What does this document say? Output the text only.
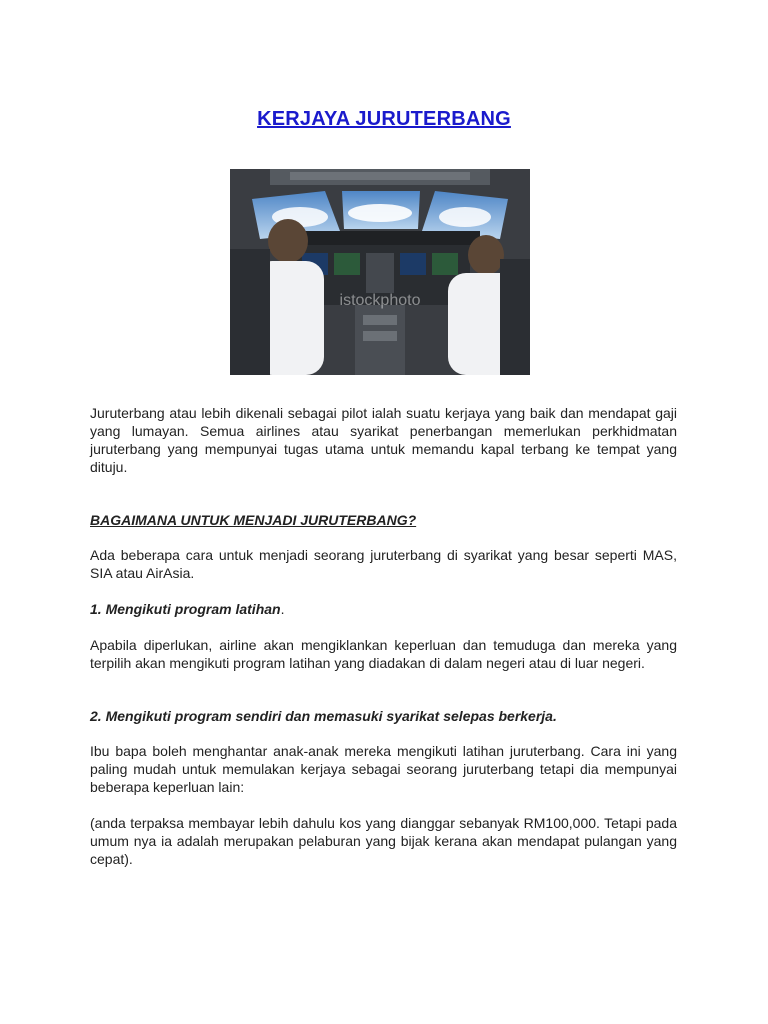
KERJAYA JURUTERBANG
istockphoto
Juruterbang atau lebih dikenali sebagai pilot ialah suatu kerjaya yang baik dan mendapat gaji yang lumayan. Semua airlines atau syarikat penerbangan memerlukan perkhidmatan juruterbang yang mempunyai tugas utama untuk memandu kapal terbang ke tempat yang dituju.
BAGAIMANA UNTUK MENJADI JURUTERBANG?
Ada beberapa cara untuk menjadi seorang juruterbang di syarikat yang besar seperti MAS, SIA atau AirAsia.
1. Mengikuti program latihan.
Apabila diperlukan, airline akan mengiklankan keperluan dan temuduga dan mereka yang terpilih akan mengikuti program latihan yang diadakan di dalam negeri atau di luar negeri.
2. Mengikuti program sendiri dan memasuki syarikat selepas berkerja.
Ibu bapa boleh menghantar anak-anak mereka mengikuti latihan juruterbang. Cara ini yang paling mudah untuk memulakan kerjaya sebagai seorang juruterbang tetapi dia mempunyai beberapa keperluan lain:
(anda terpaksa membayar lebih dahulu kos yang dianggar sebanyak RM100,000. Tetapi pada umum nya ia adalah merupakan pelaburan yang bijak kerana akan mendapat pulangan yang cepat).
